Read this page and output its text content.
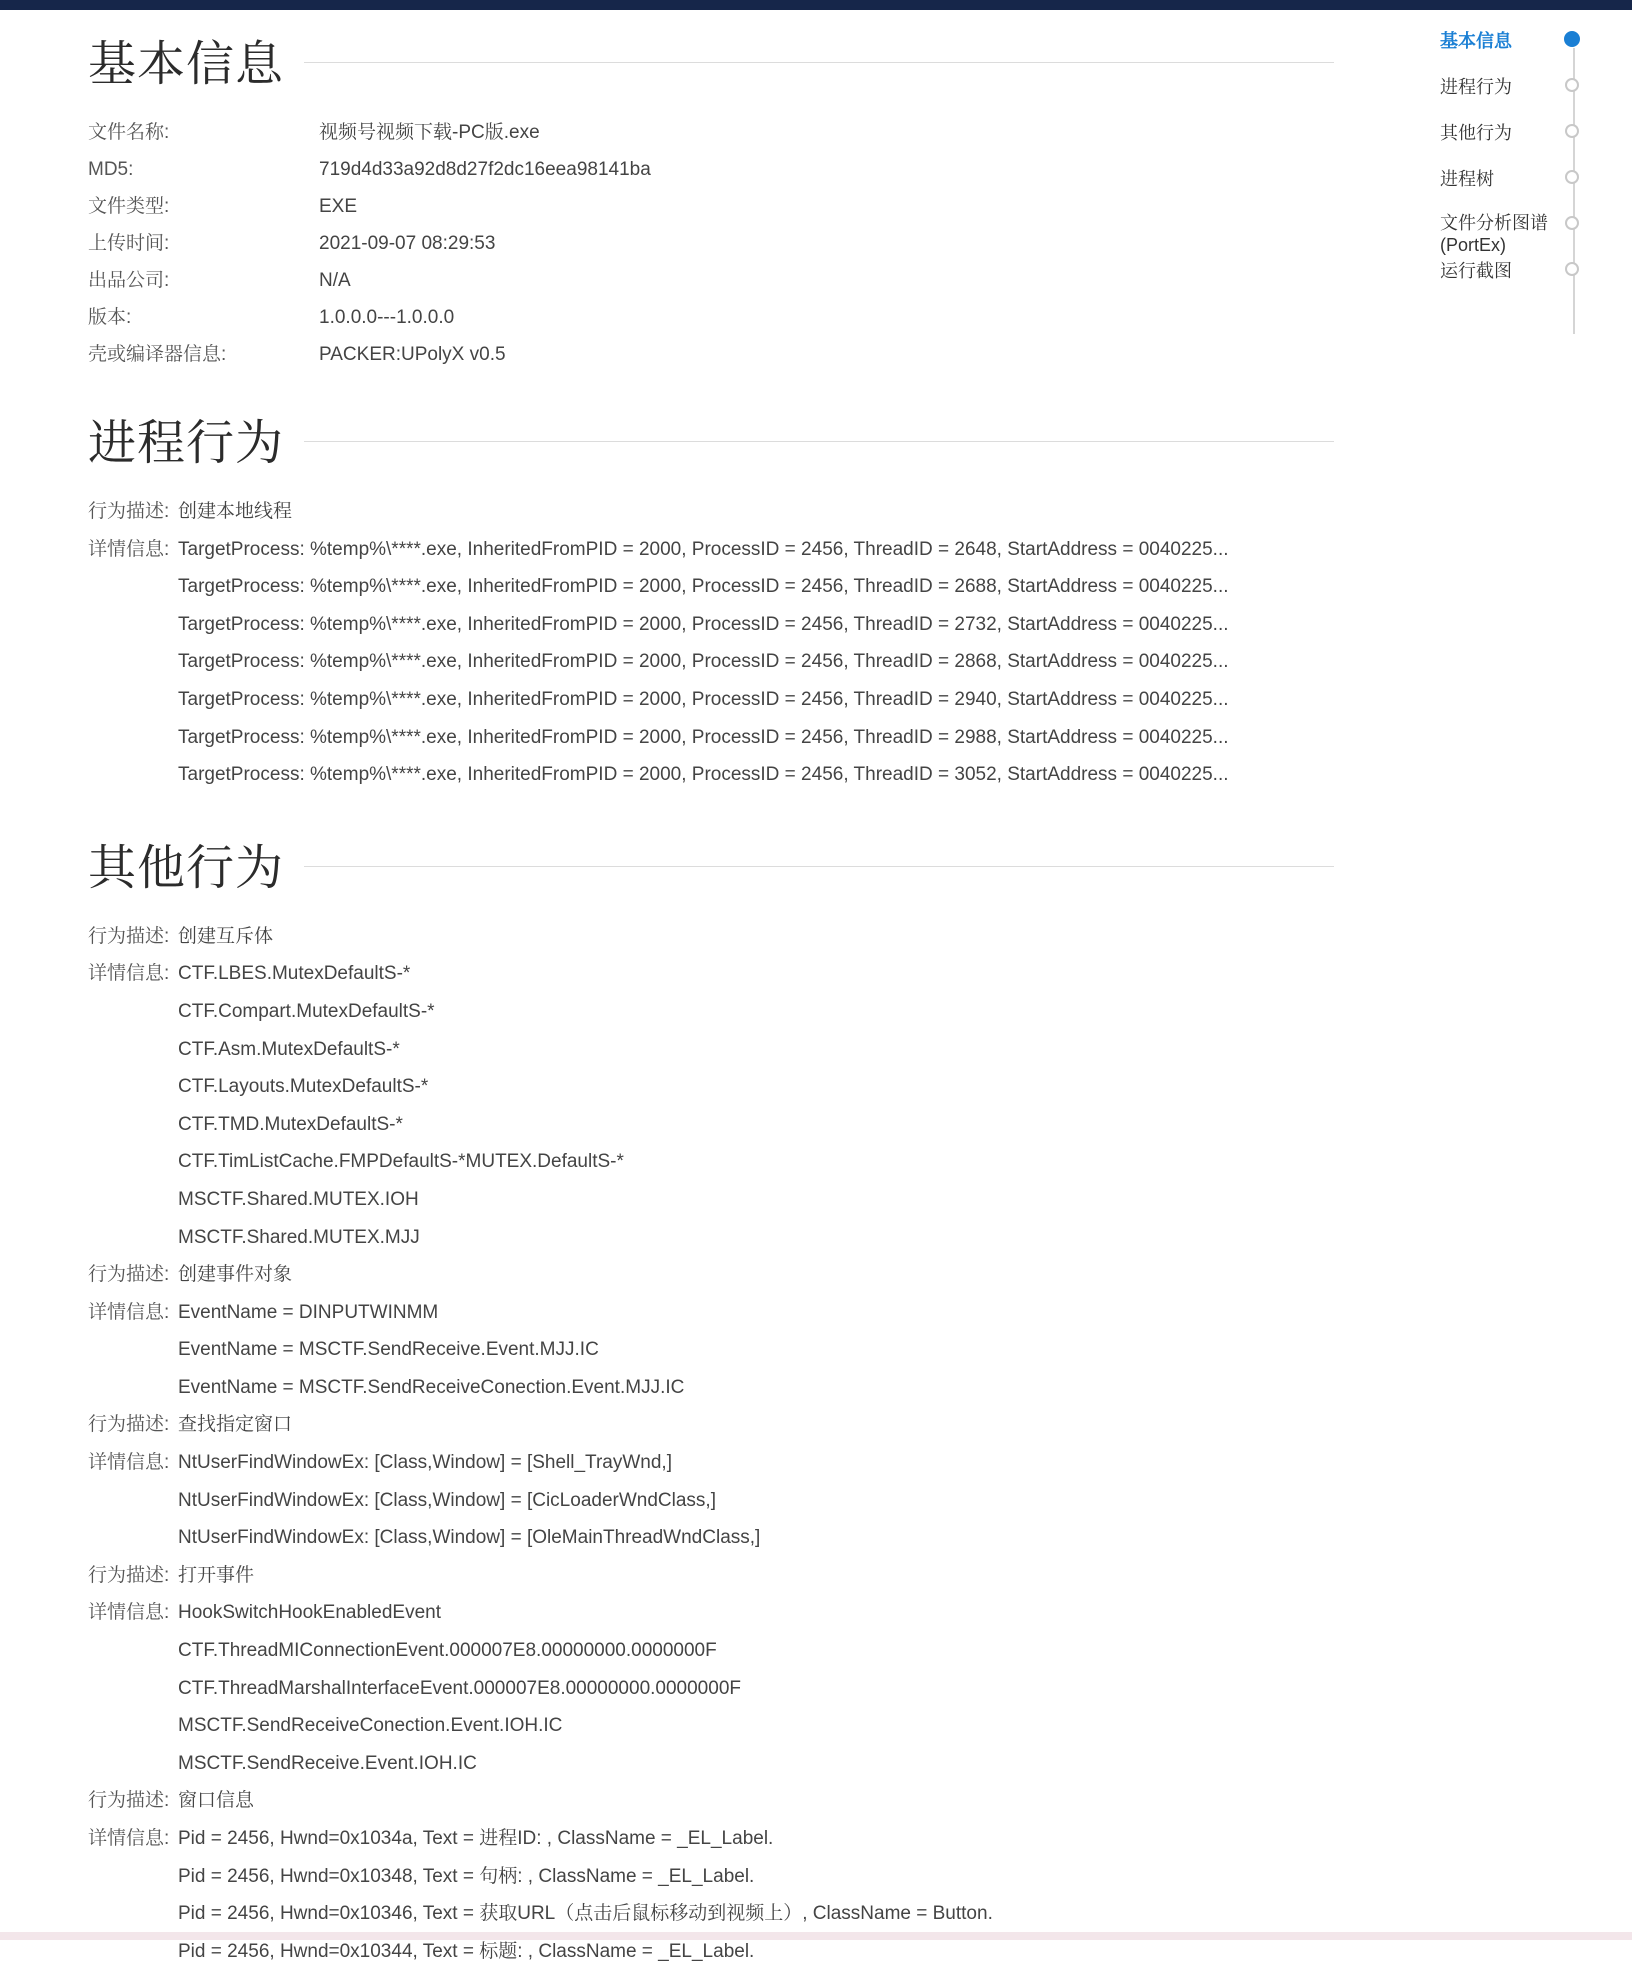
基本信息
文件名称:	视频号视频下载-PC版.exe
MD5:	719d4d33a92d8d27f2dc16eea98141ba
文件类型:	EXE
上传时间:	2021-09-07 08:29:53
出品公司:	N/A
版本:	1.0.0.0---1.0.0.0
壳或编译器信息:	PACKER:UPolyX v0.5
进程行为
行为描述: 创建本地线程
详情信息: TargetProcess: %temp%\****.exe, InheritedFromPID = 2000, ProcessID = 2456, ThreadID = 2648, StartAddress = 0040225...
TargetProcess: %temp%\****.exe, InheritedFromPID = 2000, ProcessID = 2456, ThreadID = 2688, StartAddress = 0040225...
TargetProcess: %temp%\****.exe, InheritedFromPID = 2000, ProcessID = 2456, ThreadID = 2732, StartAddress = 0040225...
TargetProcess: %temp%\****.exe, InheritedFromPID = 2000, ProcessID = 2456, ThreadID = 2868, StartAddress = 0040225...
TargetProcess: %temp%\****.exe, InheritedFromPID = 2000, ProcessID = 2456, ThreadID = 2940, StartAddress = 0040225...
TargetProcess: %temp%\****.exe, InheritedFromPID = 2000, ProcessID = 2456, ThreadID = 2988, StartAddress = 0040225...
TargetProcess: %temp%\****.exe, InheritedFromPID = 2000, ProcessID = 2456, ThreadID = 3052, StartAddress = 0040225...
其他行为
行为描述: 创建互斥体
详情信息: CTF.LBES.MutexDefaultS-*
CTF.Compart.MutexDefaultS-*
CTF.Asm.MutexDefaultS-*
CTF.Layouts.MutexDefaultS-*
CTF.TMD.MutexDefaultS-*
CTF.TimListCache.FMPDefaultS-*MUTEX.DefaultS-*
MSCTF.Shared.MUTEX.IOH
MSCTF.Shared.MUTEX.MJJ
行为描述: 创建事件对象
详情信息: EventName = DINPUTWINMM
EventName = MSCTF.SendReceive.Event.MJJ.IC
EventName = MSCTF.SendReceiveConection.Event.MJJ.IC
行为描述: 查找指定窗口
详情信息: NtUserFindWindowEx: [Class,Window] = [Shell_TrayWnd,]
NtUserFindWindowEx: [Class,Window] = [CicLoaderWndClass,]
NtUserFindWindowEx: [Class,Window] = [OleMainThreadWndClass,]
行为描述: 打开事件
详情信息: HookSwitchHookEnabledEvent
CTF.ThreadMIConnectionEvent.000007E8.00000000.0000000F
CTF.ThreadMarshalInterfaceEvent.000007E8.00000000.0000000F
MSCTF.SendReceiveConection.Event.IOH.IC
MSCTF.SendReceive.Event.IOH.IC
行为描述: 窗口信息
详情信息: Pid = 2456, Hwnd=0x1034a, Text = 进程ID: , ClassName = _EL_Label.
Pid = 2456, Hwnd=0x10348, Text = 句柄: , ClassName = _EL_Label.
Pid = 2456, Hwnd=0x10346, Text = 获取URL（点击后鼠标移动到视频上）, ClassName = Button.
Pid = 2456, Hwnd=0x10344, Text = 标题: , ClassName = _EL_Label.
基本信息
进程行为
其他行为
进程树
文件分析图谱
(PortEx)
运行截图
